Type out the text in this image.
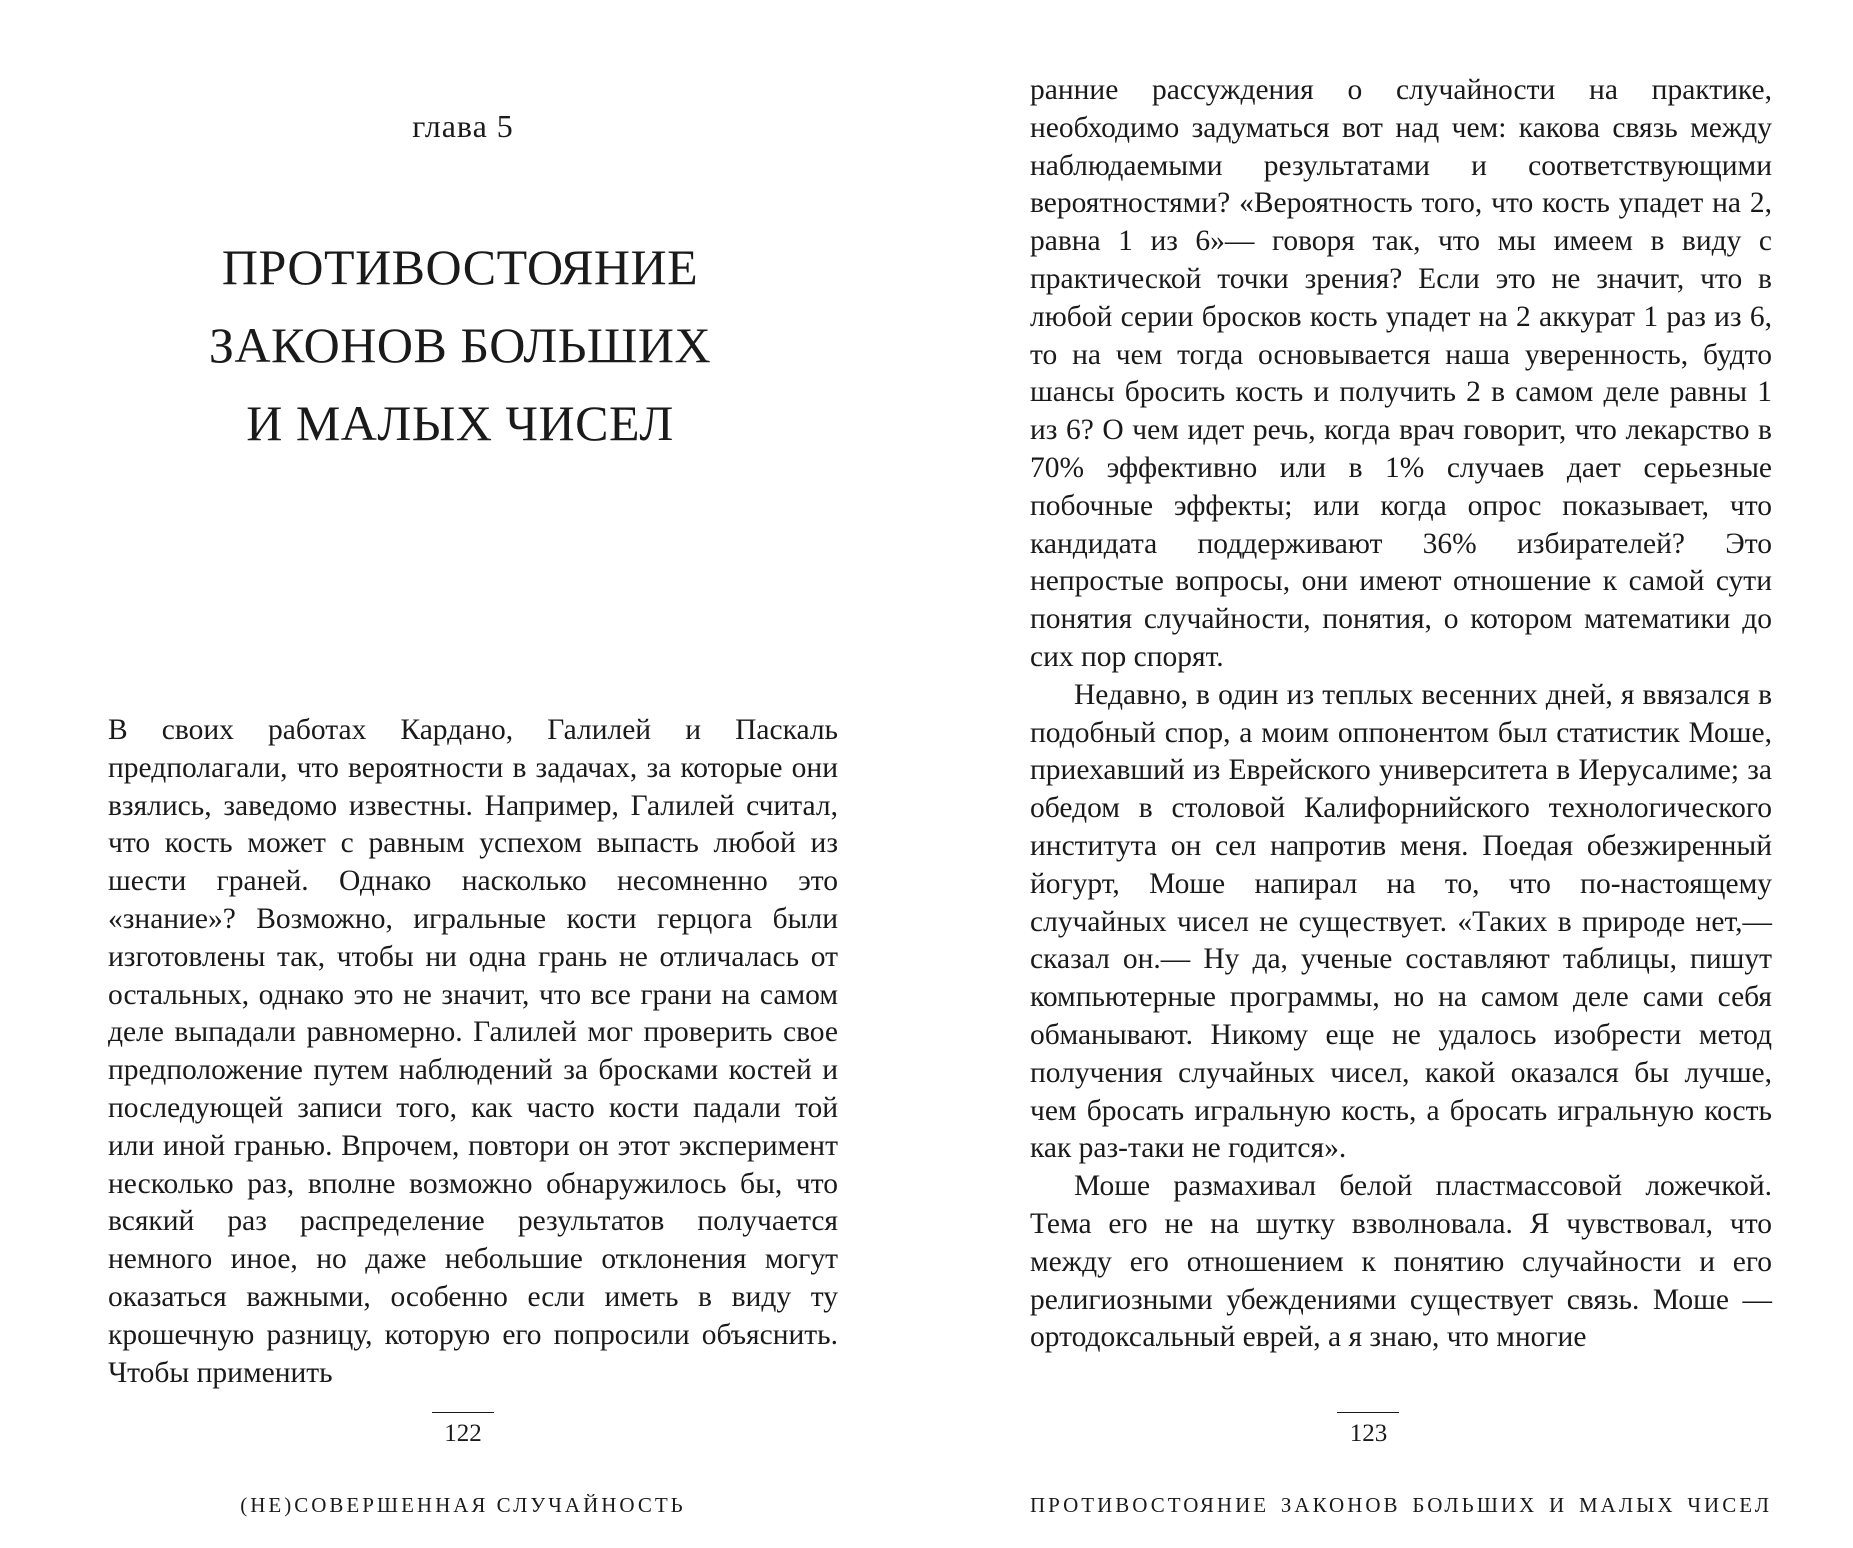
глава 5

ПРОТИВОСТОЯНИЕ
ЗАКОНОВ БОЛЬШИХ
И МАЛЫХ ЧИСЕЛ

В своих работах Кардано, Галилей и Паскаль предполагали, что вероятности в задачах, за которые они взялись, заведомо известны. Например, Галилей считал, что кость может с равным успехом выпасть любой из шести граней. Однако насколько несомненно это «знание»? Возможно, игральные кости герцога были изготовлены так, чтобы ни одна грань не отличалась от остальных, однако это не значит, что все грани на самом деле выпадали равномерно. Галилей мог проверить свое предположение путем наблюдений за бросками костей и последующей записи того, как часто кости падали той или иной гранью. Впрочем, повтори он этот эксперимент несколько раз, вполне возможно обнаружилось бы, что всякий раз распределение результатов получается немного иное, но даже небольшие отклонения могут оказаться важными, особенно если иметь в виду ту крошечную разницу, которую его попросили объяснить. Чтобы применить

122

(НЕ)СОВЕРШЕННАЯ СЛУЧАЙНОСТЬ

ранние рассуждения о случайности на практике, необходимо задуматься вот над чем: какова связь между наблюдаемыми результатами и соответствующими вероятностями? «Вероятность того, что кость упадет на 2, равна 1 из 6»— говоря так, что мы имеем в виду с практической точки зрения? Если это не значит, что в любой серии бросков кость упадет на 2 аккурат 1 раз из 6, то на чем тогда основывается наша уверенность, будто шансы бросить кость и получить 2 в самом деле равны 1 из 6? О чем идет речь, когда врач говорит, что лекарство в 70% эффективно или в 1% случаев дает серьезные побочные эффекты; или когда опрос показывает, что кандидата поддерживают 36% избирателей? Это непростые вопросы, они имеют отношение к самой сути понятия случайности, понятия, о котором математики до сих пор спорят.

Недавно, в один из теплых весенних дней, я ввязался в подобный спор, а моим оппонентом был статистик Моше, приехавший из Еврейского университета в Иерусалиме; за обедом в столовой Калифорнийского технологического института он сел напротив меня. Поедая обезжиренный йогурт, Моше напирал на то, что по-настоящему случайных чисел не существует. «Таких в природе нет,— сказал он.— Ну да, ученые составляют таблицы, пишут компьютерные программы, но на самом деле сами себя обманывают. Никому еще не удалось изобрести метод получения случайных чисел, какой оказался бы лучше, чем бросать игральную кость, а бросать игральную кость как раз-таки не годится».

Моше размахивал белой пластмассовой ложечкой. Тема его не на шутку взволновала. Я чувствовал, что между его отношением к понятию случайности и его религиозными убеждениями существует связь. Моше — ортодоксальный еврей, а я знаю, что многие

123

ПРОТИВОСТОЯНИЕ ЗАКОНОВ БОЛЬШИХ И МАЛЫХ ЧИСЕЛ
